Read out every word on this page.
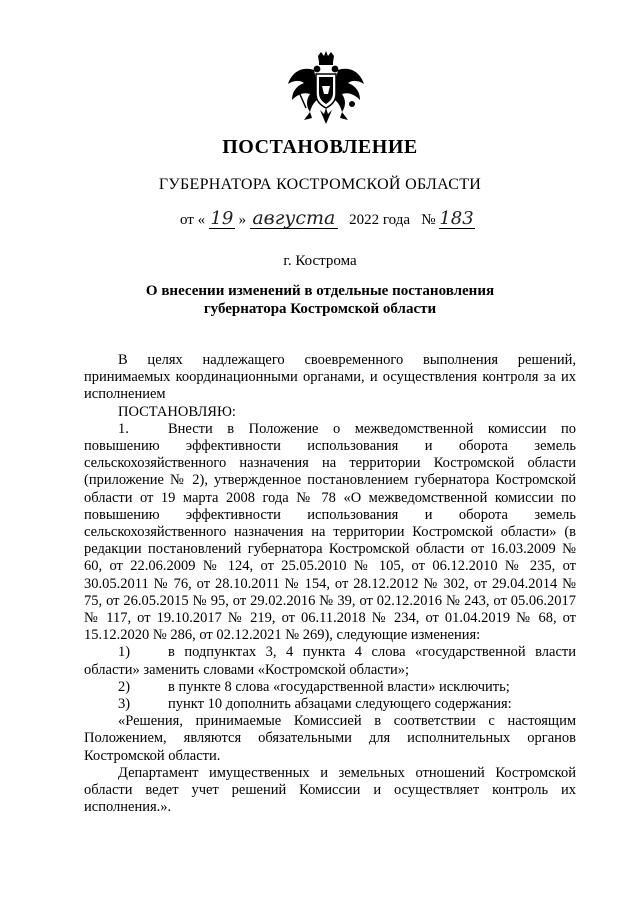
ПОСТАНОВЛЕНИЕ
ГУБЕРНАТОРА КОСТРОМСКОЙ ОБЛАСТИ
от « 19 » августа 2022 года № 183
г. Кострома
О внесении изменений в отдельные постановления
губернатора Костромской области

В целях надлежащего своевременного выполнения решений, принимаемых координационными органами, и осуществления контроля за их исполнением

ПОСТАНОВЛЯЮ:

1.	Внести в Положение о межведомственной комиссии по повышению эффективности использования и оборота земель сельскохозяйственного назначения на территории Костромской области (приложение № 2), утвержденное постановлением губернатора Костромской области от 19 марта 2008 года № 78 «О межведомственной комиссии по повышению эффективности использования и оборота земель сельскохозяйственного назначения на территории Костромской области» (в редакции постановлений губернатора Костромской области от 16.03.2009 № 60, от 22.06.2009 № 124, от 25.05.2010 № 105, от 06.12.2010 № 235, от 30.05.2011 № 76, от 28.10.2011 № 154, от 28.12.2012 № 302, от 29.04.2014 № 75, от 26.05.2015 № 95, от 29.02.2016 № 39, от 02.12.2016 № 243, от 05.06.2017 № 117, от 19.10.2017 № 219, от 06.11.2018 № 234, от 01.04.2019 № 68, от 15.12.2020 № 286, от 02.12.2021 № 269), следующие изменения:

1)	в подпунктах 3, 4 пункта 4 слова «государственной власти области» заменить словами «Костромской области»;

2)	в пункте 8 слова «государственной власти» исключить;

3)	пункт 10 дополнить абзацами следующего содержания:

«Решения, принимаемые Комиссией в соответствии с настоящим Положением, являются обязательными для исполнительных органов Костромской области.

Департамент имущественных и земельных отношений Костромской области ведет учет решений Комиссии и осуществляет контроль их исполнения.».
